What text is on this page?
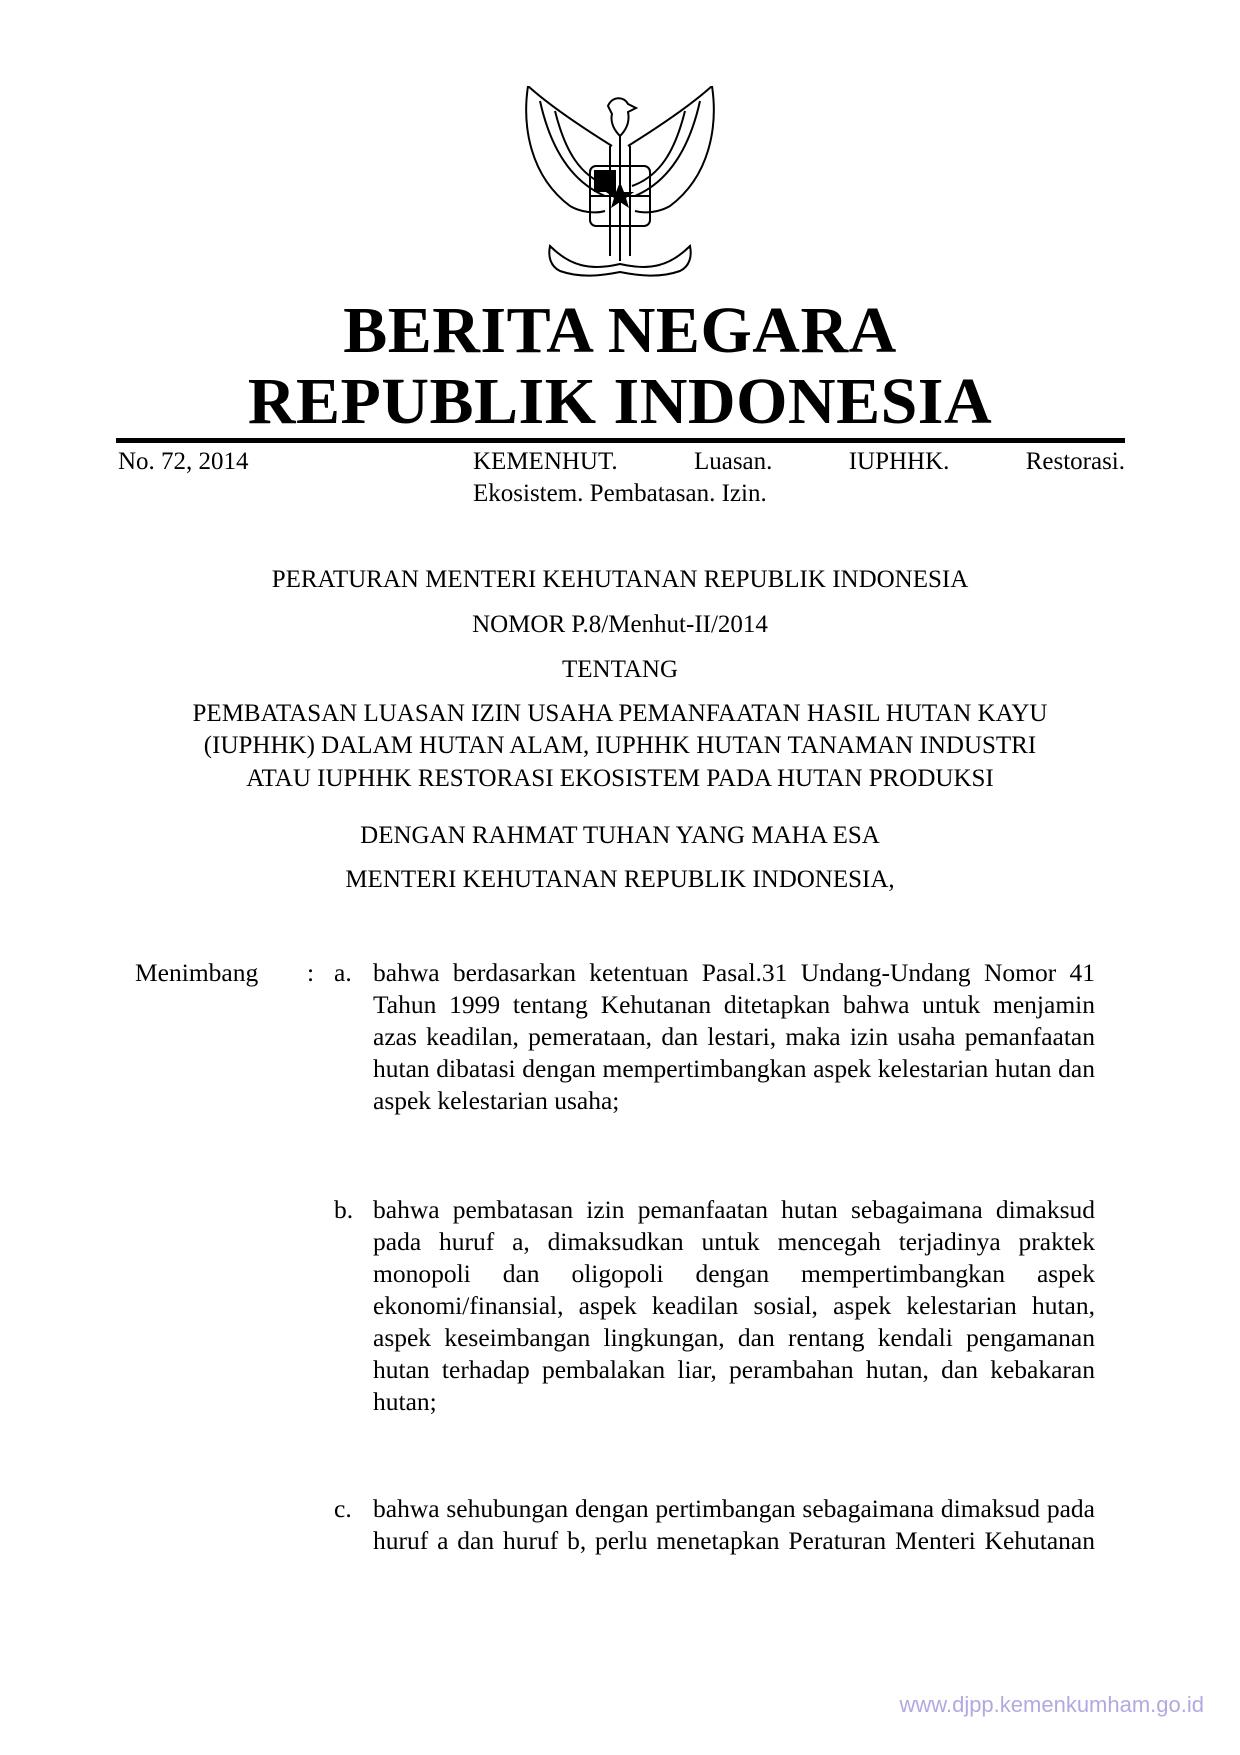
BERITA NEGARA
REPUBLIK INDONESIA
No. 72, 2014	KEMENHUT.	Luasan.	IUPHHK.	Restorasi.
Ekosistem. Pembatasan. Izin.
PERATURAN MENTERI KEHUTANAN REPUBLIK INDONESIA
NOMOR P.8/Menhut-II/2014
TENTANG
PEMBATASAN LUASAN IZIN USAHA PEMANFAATAN HASIL HUTAN KAYU
(IUPHHK) DALAM HUTAN ALAM, IUPHHK HUTAN TANAMAN INDUSTRI
ATAU IUPHHK RESTORASI EKOSISTEM PADA HUTAN PRODUKSI
DENGAN RAHMAT TUHAN YANG MAHA ESA
MENTERI KEHUTANAN REPUBLIK INDONESIA,
Menimbang : a. bahwa berdasarkan ketentuan Pasal.31 Undang-Undang Nomor 41 Tahun 1999 tentang Kehutanan ditetapkan bahwa untuk menjamin azas keadilan, pemerataan, dan lestari, maka izin usaha pemanfaatan hutan dibatasi dengan mempertimbangkan aspek kelestarian hutan dan aspek kelestarian usaha;
b. bahwa pembatasan izin pemanfaatan hutan sebagaimana dimaksud pada huruf a, dimaksudkan untuk mencegah terjadinya praktek monopoli dan oligopoli dengan mempertimbangkan aspek ekonomi/finansial, aspek keadilan sosial, aspek kelestarian hutan, aspek keseimbangan lingkungan, dan rentang kendali pengamanan hutan terhadap pembalakan liar, perambahan hutan, dan kebakaran hutan;
c. bahwa sehubungan dengan pertimbangan sebagaimana dimaksud pada huruf a dan huruf b, perlu menetapkan Peraturan Menteri Kehutanan
www.djpp.kemenkumham.go.id
